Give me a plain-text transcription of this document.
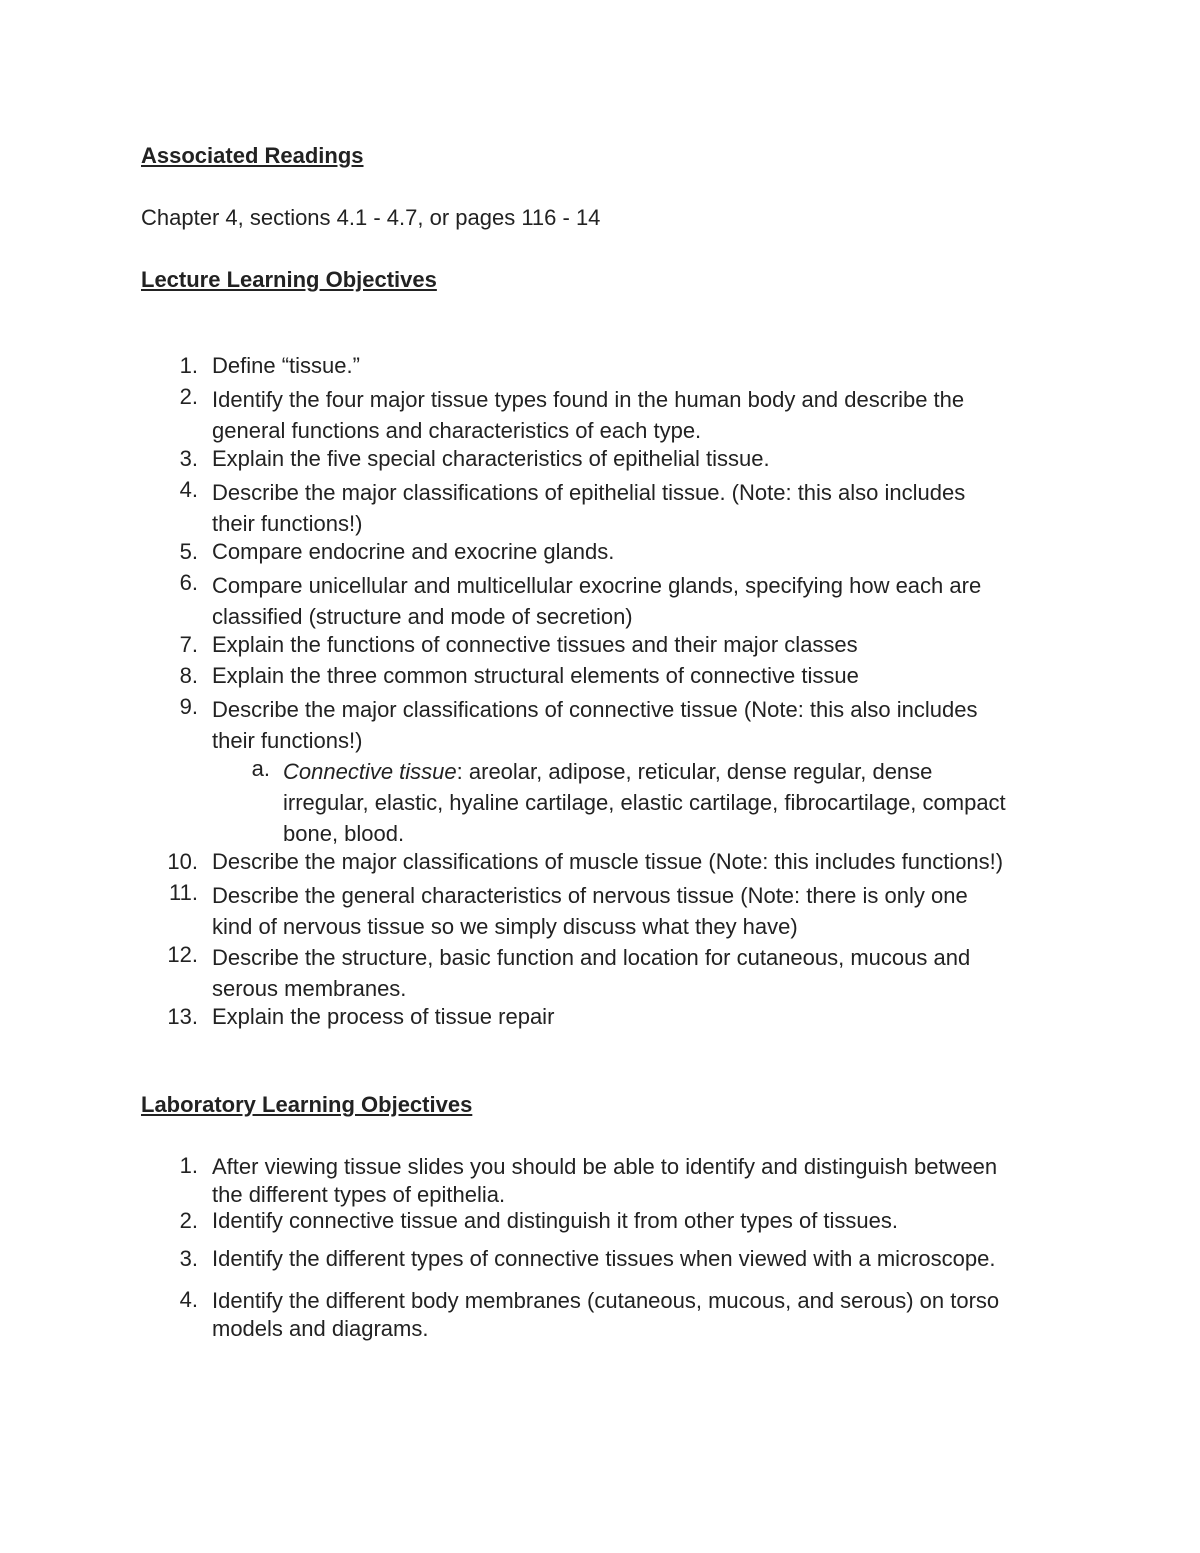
Associated Readings

Chapter 4, sections 4.1 - 4.7, or pages 116 - 14

Lecture Learning Objectives
1. Define “tissue.”
2. Identify the four major tissue types found in the human body and describe the
general functions and characteristics of each type.
3. Explain the five special characteristics of epithelial tissue.
4. Describe the major classifications of epithelial tissue. (Note: this also includes
their functions!)
5. Compare endocrine and exocrine glands.
6. Compare unicellular and multicellular exocrine glands, specifying how each are
classified (structure and mode of secretion)
7. Explain the functions of connective tissues and their major classes
8. Explain the three common structural elements of connective tissue
9. Describe the major classifications of connective tissue (Note: this also includes
their functions!)
a. Connective tissue: areolar, adipose, reticular, dense regular, dense
irregular, elastic, hyaline cartilage, elastic cartilage, fibrocartilage, compact
bone, blood.
10. Describe the major classifications of muscle tissue (Note: this includes functions!)
11. Describe the general characteristics of nervous tissue (Note: there is only one
kind of nervous tissue so we simply discuss what they have)
12. Describe the structure, basic function and location for cutaneous, mucous and
serous membranes.
13. Explain the process of tissue repair
Laboratory Learning Objectives
1. After viewing tissue slides you should be able to identify and distinguish between
the different types of epithelia.
2. Identify connective tissue and distinguish it from other types of tissues.
3. Identify the different types of connective tissues when viewed with a microscope.
4. Identify the different body membranes (cutaneous, mucous, and serous) on torso
models and diagrams.
